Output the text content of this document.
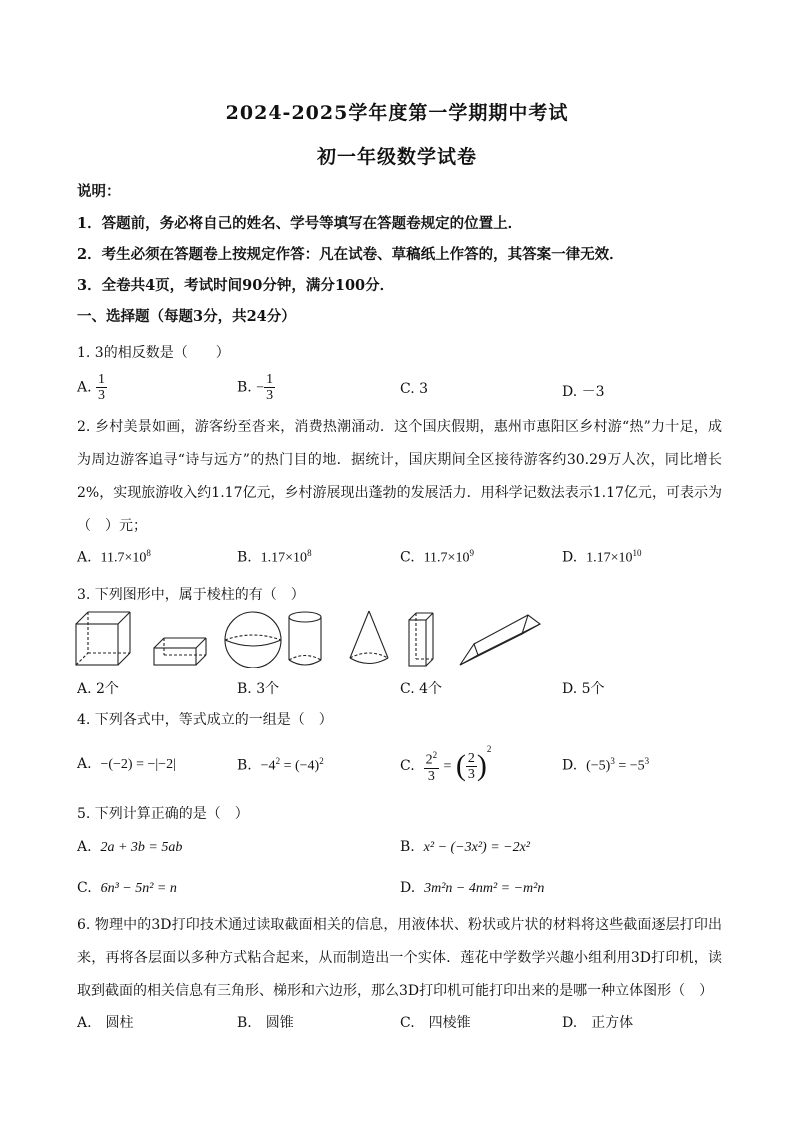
2024-2025学年度第一学期期中考试
初一年级数学试卷
说明：
1．答题前，务必将自己的姓名、学号等填写在答题卷规定的位置上．
2．考生必须在答题卷上按规定作答：凡在试卷、草稿纸上作答的，其答案一律无效．
3．全卷共4页，考试时间90分钟，满分100分．
一、选择题（每题3分，共24分）
1. 3的相反数是（　　）
A. $\frac{1}{3}$	B. − $\frac{1}{3}$	C. 3	D. －3
2. 乡村美景如画，游客纷至沓来，消费热潮涌动．这个国庆假期，惠州市惠阳区乡村游“热”力十足，成为周边游客追寻“诗与远方”的热门目的地．据统计，国庆期间全区接待游客约30.29万人次，同比增长2%，实现旅游收入约1.17亿元，乡村游展现出蓬勃的发展活力．用科学记数法表示1.17亿元，可表示为（　）元；
A. $11.7\times 10^8$	B. $1.17\times 10^8$	C. $11.7\times 10^9$	D. $1.17\times 10^{10}$
3. 下列图形中，属于棱柱的有（　）
A. 2个	B. 3个	C. 4个	D. 5个
4. 下列各式中，等式成立的一组是（　）
A. −(−2) = −|−2|	B. $-4^2 = (-4)^2$	C. $\frac{2^2}{3}$ = ( $\frac{2}{3} )^2$
D. $(-5)^3 = -5^3$
5. 下列计算正确的是（　）
A. 2a + 3b = 5ab	B. x² − (−3x²) = −2x²
C. 6n³ − 5n² = n	D. 3m²n − 4nm² = −m²n
6. 物理中的3D打印技术通过读取截面相关的信息，用液体状、粉状或片状的材料将这些截面逐层打印出来，再将各层面以多种方式粘合起来，从而制造出一个实体．莲花中学数学兴趣小组利用3D打印机，读取到截面的相关信息有三角形、梯形和六边形，那么3D打印机可能打印出来的是哪一种立体图形（　）
A.　圆柱	B.　圆锥	C.　四棱锥	D.　正方体
